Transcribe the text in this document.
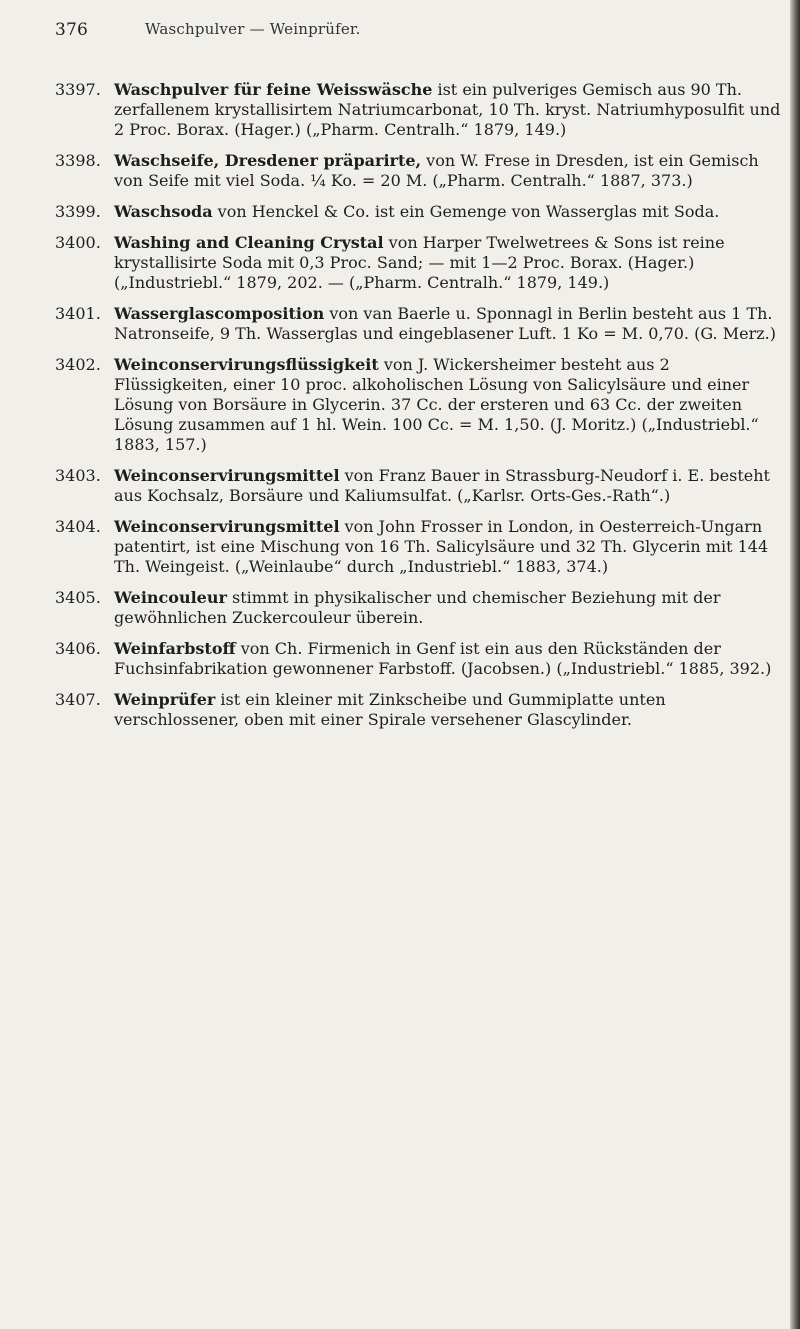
376	Waschpulver — Weinprüfer.
3397. Waschpulver für feine Weisswäsche ist ein pulveriges Gemisch aus 90 Th. zerfallenem krystallisirtem Natriumcarbonat, 10 Th. kryst. Natriumhyposulfit und 2 Proc. Borax. (Hager.) („Pharm. Centralh.“ 1879, 149.)
3398. Waschseife, Dresdener präparirte, von W. Frese in Dresden, ist ein Gemisch von Seife mit viel Soda. ¼ Ko. = 20 M. („Pharm. Centralh.“ 1887, 373.)
3399. Waschsoda von Henckel & Co. ist ein Gemenge von Wasserglas mit Soda.
3400. Washing and Cleaning Crystal von Harper Twelwetrees & Sons ist reine krystallisirte Soda mit 0,3 Proc. Sand; — mit 1—2 Proc. Borax. (Hager.) („Industriebl.“ 1879, 202. — („Pharm. Centralh.“ 1879, 149.)
3401. Wasserglascomposition von van Baerle u. Sponnagl in Berlin besteht aus 1 Th. Natronseife, 9 Th. Wasserglas und eingeblasener Luft. 1 Ko = M. 0,70. (G. Merz.)
3402. Weinconservirungsflüssigkeit von J. Wickersheimer besteht aus 2 Flüssigkeiten, einer 10 proc. alkoholischen Lösung von Salicylsäure und einer Lösung von Borsäure in Glycerin. 37 Cc. der ersteren und 63 Cc. der zweiten Lösung zusammen auf 1 hl. Wein. 100 Cc. = M. 1,50. (J. Moritz.) („Industriebl.“ 1883, 157.)
3403. Weinconservirungsmittel von Franz Bauer in Strassburg-Neudorf i. E. besteht aus Kochsalz, Borsäure und Kaliumsulfat. („Karlsr. Orts-Ges.-Rath“.)
3404. Weinconservirungsmittel von John Frosser in London, in Oesterreich-Ungarn patentirt, ist eine Mischung von 16 Th. Salicylsäure und 32 Th. Glycerin mit 144 Th. Weingeist. („Weinlaube“ durch „Industriebl.“ 1883, 374.)
3405. Weincouleur stimmt in physikalischer und chemischer Beziehung mit der gewöhnlichen Zuckercouleur überein.
3406. Weinfarbstoff von Ch. Firmenich in Genf ist ein aus den Rückständen der Fuchsinfabrikation gewonnener Farbstoff. (Jacobsen.) („Industriebl.“ 1885, 392.)
3407. Weinprüfer ist ein kleiner mit Zinkscheibe und Gummiplatte unten verschlossener, oben mit einer Spirale versehener Glascylinder.
